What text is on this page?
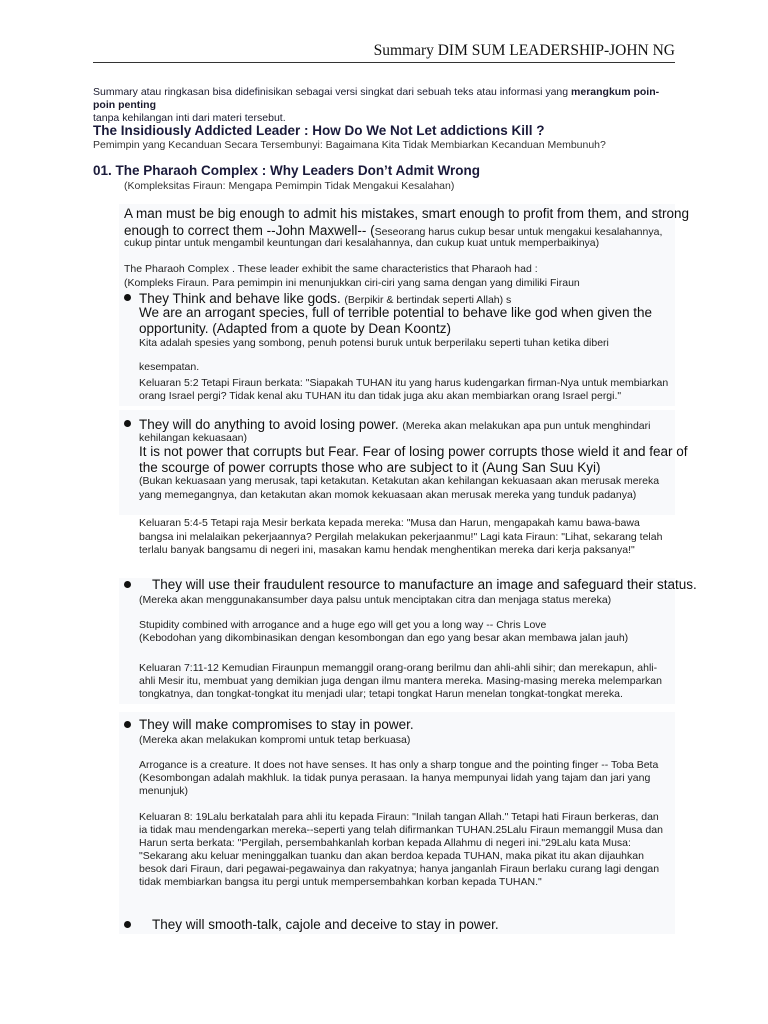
Summary DIM SUM LEADERSHIP-JOHN NG
Summary atau ringkasan bisa didefinisikan sebagai versi singkat dari sebuah teks atau informasi yang merangkum poin-poin penting
tanpa kehilangan inti dari materi tersebut.
The Insidiously Addicted Leader : How Do We Not Let addictions Kill ?
Pemimpin yang Kecanduan Secara Tersembunyi: Bagaimana Kita Tidak Membiarkan Kecanduan Membunuh?
01. The Pharaoh Complex : Why Leaders Don’t Admit Wrong
(Kompleksitas Firaun: Mengapa Pemimpin Tidak Mengakui Kesalahan)
A man must be big enough to admit his mistakes, smart enough to profit from them, and strong
enough to correct them --John Maxwell-- (Seseorang harus cukup besar untuk mengakui kesalahannya,
cukup pintar untuk mengambil keuntungan dari kesalahannya, dan cukup kuat untuk memperbaikinya)
The Pharaoh Complex . These leader exhibit the same characteristics that Pharaoh had :
(Kompleks Firaun. Para pemimpin ini menunjukkan ciri-ciri yang sama dengan yang dimiliki Firaun
They Think and behave like gods. (Berpikir & bertindak seperti Allah) s
We are an arrogant species, full of terrible potential to behave like god when given the
opportunity. (Adapted from a quote by Dean Koontz)
Kita adalah spesies yang sombong, penuh potensi buruk untuk berperilaku seperti tuhan ketika diberi
kesempatan.
Keluaran 5:2 Tetapi Firaun berkata: "Siapakah TUHAN itu yang harus kudengarkan firman-Nya untuk membiarkan
orang Israel pergi? Tidak kenal aku TUHAN itu dan tidak juga aku akan membiarkan orang Israel pergi."
They will do anything to avoid losing power. (Mereka akan melakukan apa pun untuk menghindari
kehilangan kekuasaan)
It is not power that corrupts but Fear. Fear of losing power corrupts those wield it and fear of
the scourge of power corrupts those who are subject to it (Aung San Suu Kyi)
(Bukan kekuasaan yang merusak, tapi ketakutan. Ketakutan akan kehilangan kekuasaan akan merusak mereka
yang memegangnya, dan ketakutan akan momok kekuasaan akan merusak mereka yang tunduk padanya)
Keluaran 5:4-5 Tetapi raja Mesir berkata kepada mereka: "Musa dan Harun, mengapakah kamu bawa-bawa
bangsa ini melalaikan pekerjaannya? Pergilah melakukan pekerjaanmu!" Lagi kata Firaun: "Lihat, sekarang telah
terlalu banyak bangsamu di negeri ini, masakan kamu hendak menghentikan mereka dari kerja paksanya!"
They will use their fraudulent resource to manufacture an image and safeguard their status.
(Mereka akan menggunakansumber daya palsu untuk menciptakan citra dan menjaga status mereka)
Stupidity combined with arrogance and a huge ego will get you a long way -- Chris Love
(Kebodohan yang dikombinasikan dengan kesombongan dan ego yang besar akan membawa jalan jauh)
Keluaran 7:11-12 Kemudian Firaunpun memanggil orang-orang berilmu dan ahli-ahli sihir; dan merekapun, ahli-
ahli Mesir itu, membuat yang demikian juga dengan ilmu mantera mereka. Masing-masing mereka melemparkan
tongkatnya, dan tongkat-tongkat itu menjadi ular; tetapi tongkat Harun menelan tongkat-tongkat mereka.
They will make compromises to stay in power.
(Mereka akan melakukan kompromi untuk tetap berkuasa)
Arrogance is a creature. It does not have senses. It has only a sharp tongue and the pointing finger -- Toba Beta
(Kesombongan adalah makhluk. Ia tidak punya perasaan. Ia hanya mempunyai lidah yang tajam dan jari yang
menunjuk)
Keluaran 8: 19Lalu berkatalah para ahli itu kepada Firaun: "Inilah tangan Allah." Tetapi hati Firaun berkeras, dan
ia tidak mau mendengarkan mereka--seperti yang telah difirmankan TUHAN.25Lalu Firaun memanggil Musa dan
Harun serta berkata: "Pergilah, persembahkanlah korban kepada Allahmu di negeri ini."29Lalu kata Musa:
"Sekarang aku keluar meninggalkan tuanku dan akan berdoa kepada TUHAN, maka pikat itu akan dijauhkan
besok dari Firaun, dari pegawai-pegawainya dan rakyatnya; hanya janganlah Firaun berlaku curang lagi dengan
tidak membiarkan bangsa itu pergi untuk mempersembahkan korban kepada TUHAN."
They will smooth-talk, cajole and deceive to stay in power.
